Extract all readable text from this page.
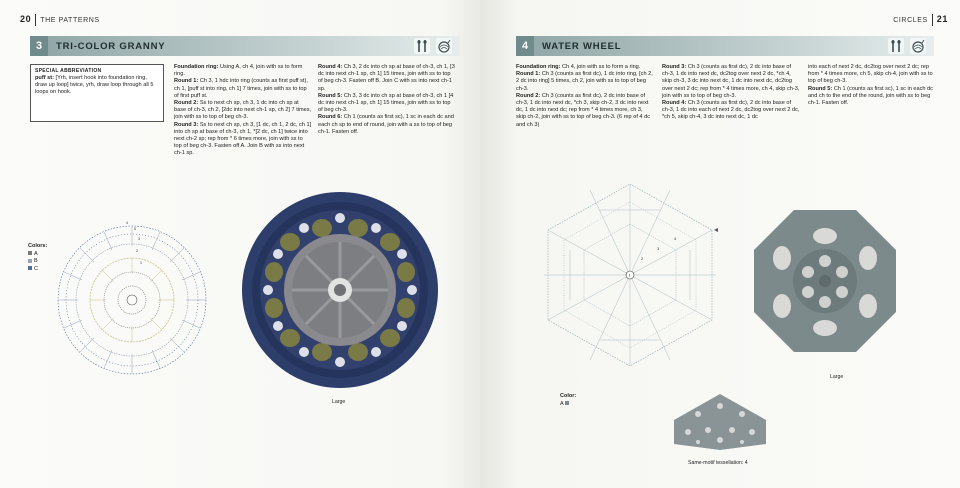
20 THE PATTERNS
3	TRI-COLOR GRANNY
SPECIAL ABBREVIATION
puff st: [Yrh, insert hook into foundation ring, draw up loop] twice, yrh, draw loop through all 5 loops on hook.
Foundation ring: Using A, ch 4, join with ss to form ring.
Round 1: Ch 3, 1 hdc into ring (counts as first puff st), ch 1, [puff st into ring, ch 1] 7 times, join with ss to top of first puff st.
Round 2: Ss to next ch sp, ch 3, 1 dc into ch sp at base of ch-3, ch 2, [2dc into next ch-1 sp, ch 2] 7 times, join with ss to top of beg ch-3.
Round 3: Ss to next ch sp, ch 3, [1 dc, ch 1, 2 dc, ch 1] into ch sp at base of ch-3, ch 1, *[2 dc, ch 1] twice into next ch-2 sp; rep from * 6 times more, join with ss to top of beg ch-3. Fasten off A. Join B with ss into next ch-1 sp.
Round 4: Ch 3, 2 dc into ch sp at base of ch-3, ch 1, [3 dc into next ch-1 sp, ch 1] 15 times, join with ss to top of beg ch-3. Fasten off B. Join C with ss into next ch-1 sp.
Round 5: Ch 3, 3 dc into ch sp at base of ch-3, ch 1 [4 dc into next ch-1 sp, ch 1] 15 times, join with ss to top of beg ch-3.
Round 6: Ch 1 (counts as first sc), 1 sc in each dc and each ch sp to end of round, join with a ss to top of beg ch-1. Fasten off.
Colors:
A
B
C
4
5
3
2
1
Large
CIRCLES 21
4	WATER WHEEL
Foundation ring: Ch 4, join with ss to form a ring.
Round 1: Ch 3 (counts as first dc), 1 dc into ring, [ch 2, 2 dc into ring] 5 times, ch 2, join with ss to top of beg ch-3.
Round 2: Ch 3 (counts as first dc), 2 dc into base of ch-3, 1 dc into next dc, *ch 3, skip ch-2, 3 dc into next dc, 1 dc into next dc; rep from * 4 times more, ch 3, skip ch-2, join with ss to top of beg ch-3. (6 rep of 4 dc and ch 3)
Round 3: Ch 3 (counts as first dc), 2 dc into base of ch-3, 1 dc into next dc, dc2tog over next 2 dc, *ch 4, skip ch-3, 3 dc into next dc, 1 dc into next dc, dc2tog over next 2 dc; rep from * 4 times more, ch 4, skip ch-3, join with ss to top of beg ch-3.
Round 4: Ch 3 (counts as first dc), 2 dc into base of ch-3, 1 dc into each of next 2 dc, dc2tog over next 2 dc, *ch 5, skip ch-4, 3 dc into next dc, 1 dc
into each of next 2 dc, dc2tog over next 2 dc; rep from * 4 times more, ch 5, skip ch-4, join with ss to top of beg ch-3.
Round 5: Ch 1 (counts as first sc), 1 sc in each dc and ch to the end of the round, join with ss to beg ch-1. Fasten off.
1
2
3
4
Large
Color:
A
Same-motif tessellation: 4
